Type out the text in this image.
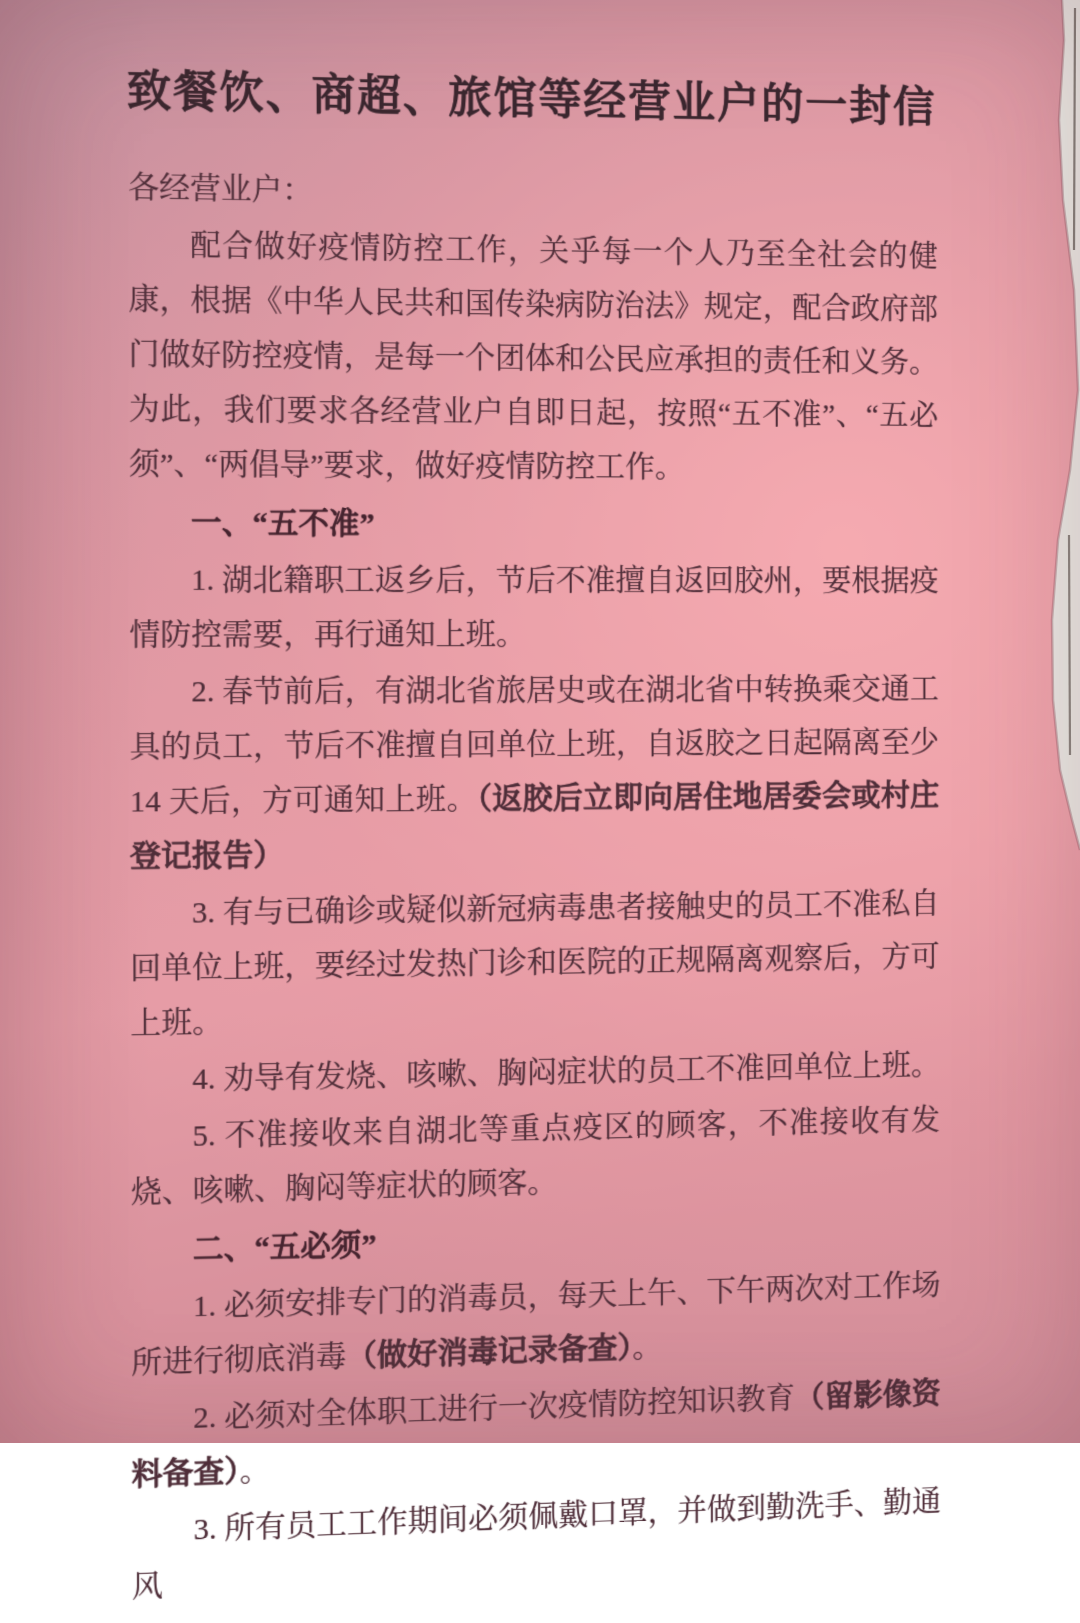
致餐饮、商超、旅馆等经营业户的一封信

各经营业户：

配合做好疫情防控工作，关乎每一个人乃至全社会的健康，根据《中华人民共和国传染病防治法》规定，配合政府部门做好防控疫情，是每一个团体和公民应承担的责任和义务。为此，我们要求各经营业户自即日起，按照“五不准”、“五必须”、“两倡导”要求，做好疫情防控工作。

一、“五不准”

1. 湖北籍职工返乡后，节后不准擅自返回胶州，要根据疫情防控需要，再行通知上班。

2. 春节前后，有湖北省旅居史或在湖北省中转换乘交通工具的员工，节后不准擅自回单位上班，自返胶之日起隔离至少 14 天后，方可通知上班。（返胶后立即向居住地居委会或村庄登记报告）

3. 有与已确诊或疑似新冠病毒患者接触史的员工不准私自回单位上班，要经过发热门诊和医院的正规隔离观察后，方可上班。

4. 劝导有发烧、咳嗽、胸闷症状的员工不准回单位上班。

5. 不准接收来自湖北等重点疫区的顾客，不准接收有发烧、咳嗽、胸闷等症状的顾客。

二、“五必须”

1. 必须安排专门的消毒员，每天上午、下午两次对工作场所进行彻底消毒（做好消毒记录备查）。

2. 必须对全体职工进行一次疫情防控知识教育（留影像资料备查）。

3. 所有员工工作期间必须佩戴口罩，并做到勤洗手、勤通风
